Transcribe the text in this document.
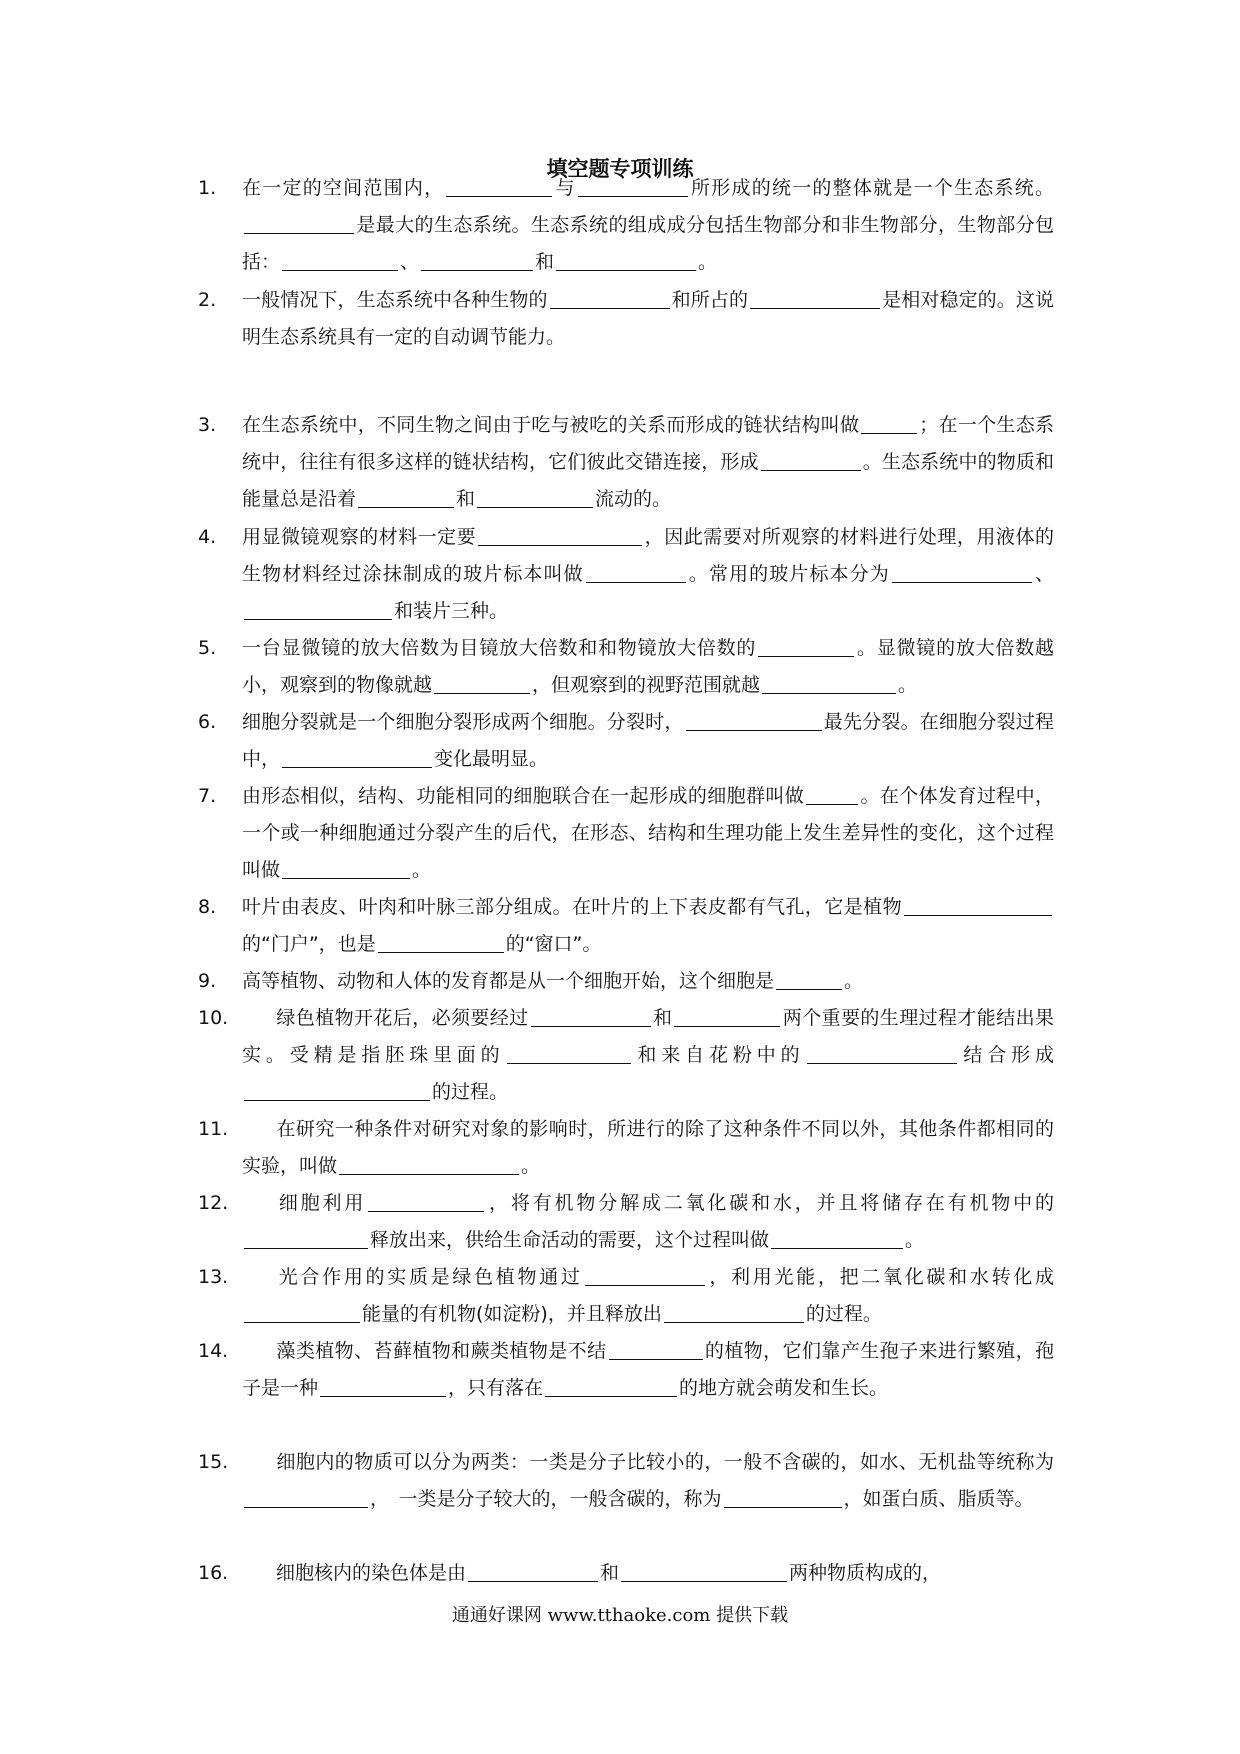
填空题专项训练
1.	在一定的空间范围内，	与	所形成的统一的整体就是一个生态系统。是最大的生态系统。生态系统的组成成分包括生物部分和非生物部分，生物部分包括：	、	和	。
2.	一般情况下，生态系统中各种生物的	和所占的	是相对稳定的。这说明生态系统具有一定的自动调节能力。
3.	在生态系统中，不同生物之间由于吃与被吃的关系而形成的链状结构叫做	；在一个生态系统中，往往有很多这样的链状结构，它们彼此交错连接，形成	。生态系统中的物质和能量总是沿着	和	流动的。
4.	用显微镜观察的材料一定要	，因此需要对所观察的材料进行处理，用液体的生物材料经过涂抹制成的玻片标本叫做	。常用的玻片标本分为	、和装片三种。
5.	一台显微镜的放大倍数为目镜放大倍数和和物镜放大倍数的	。显微镜的放大倍数越小，观察到的物像就越	，但观察到的视野范围就越	。
6.	细胞分裂就是一个细胞分裂形成两个细胞。分裂时，	最先分裂。在细胞分裂过程中，	变化最明显。
7.	由形态相似，结构、功能相同的细胞联合在一起形成的细胞群叫做	。在个体发育过程中，一个或一种细胞通过分裂产生的后代，在形态、结构和生理功能上发生差异性的变化，这个过程叫做	。
8.	叶片由表皮、叶肉和叶脉三部分组成。在叶片的上下表皮都有气孔，它是植物的“门户”，也是	的“窗口”。
9.	高等植物、动物和人体的发育都是从一个细胞开始，这个细胞是	。
10.	绿色植物开花后，必须要经过	和	两个重要的生理过程才能结出果实。受精是指胚珠里面的	和来自花粉中的	结合形成的过程。
11.	在研究一种条件对研究对象的影响时，所进行的除了这种条件不同以外，其他条件都相同的实验，叫做	。
12.	细胞利用	，将有机物分解成二氧化碳和水，并且将储存在有机物中的释放出来，供给生命活动的需要，这个过程叫做	。
13.	光合作用的实质是绿色植物通过	，利用光能，把二氧化碳和水转化成能量的有机物(如淀粉)，并且释放出	的过程。
14.	藻类植物、苔藓植物和蕨类植物是不结	的植物，它们靠产生孢子来进行繁殖，孢子是一种	，只有落在	的地方就会萌发和生长。
15.	细胞内的物质可以分为两类：一类是分子比较小的，一般不含碳的，如水、无机盐等统称为，　一类是分子较大的，一般含碳的，称为	，如蛋白质、脂质等。
16.	细胞核内的染色体是由	和	两种物质构成的，
通通好课网 www.tthaoke.com 提供下载
